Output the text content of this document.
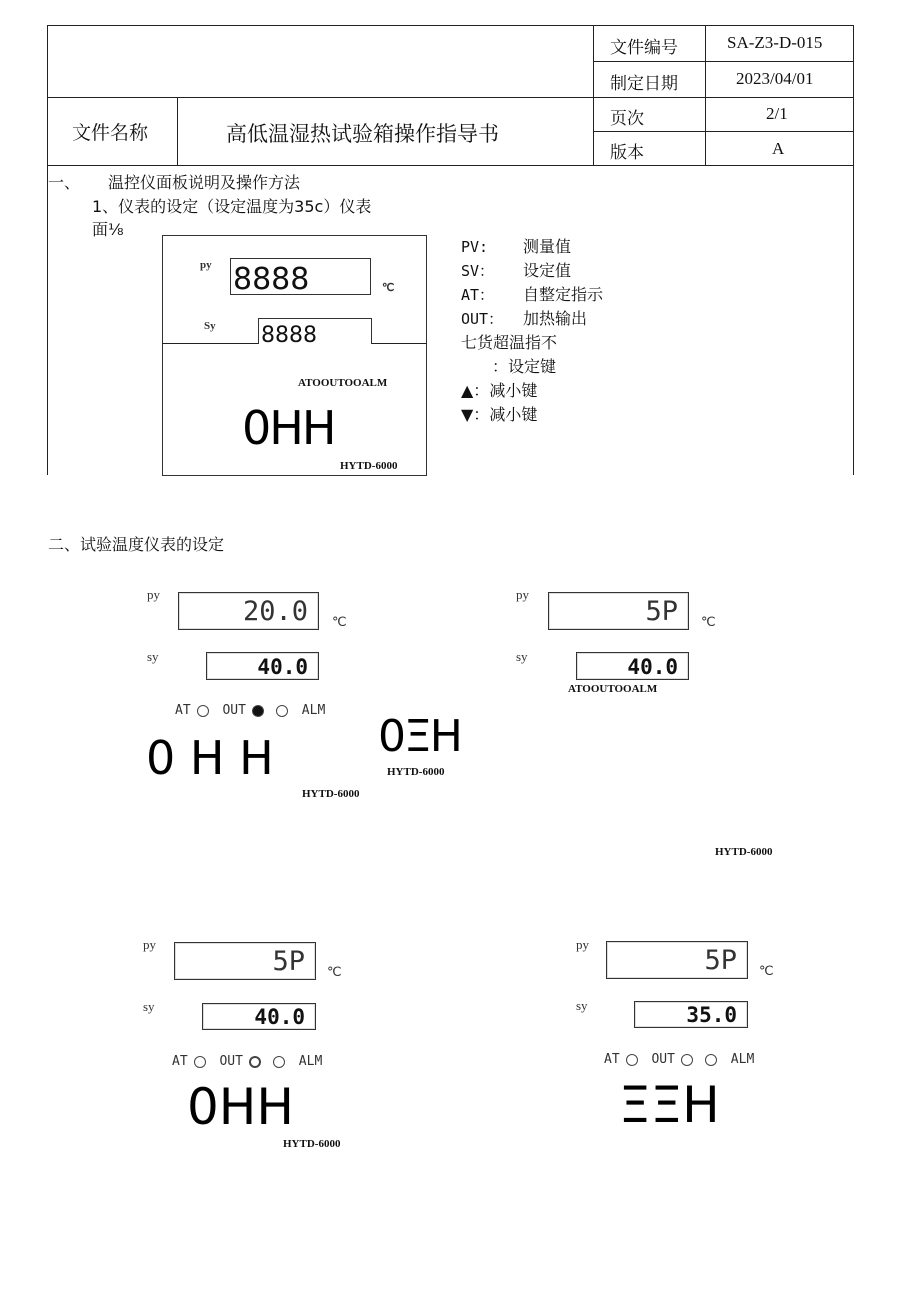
文件编号	SA-Z3-D-015
制定日期	2023/04/01
文件名称	高低温湿热试验箱操作指导书
页次	2/1
版本	A
一、 温控仪面板说明及操作方法
1、仪表的设定（设定温度为35c）仪表
面⅛
py 8888	℃
Sy 8888
ATOOUTOOALM
0HH
HYTD-6000
PV: 测量值
SV： 设定值
AT： 自整定指示
OUT： 加热输出
七货超温指不
：设定键
▲：减小键
▼：减小键
二、试验温度仪表的设定
py
20.0 ℃
sy	40.0
AT OUT	ALM
0 H H
HYTD-6000
py
5P ℃
sy	40.0
ATOOUTOOALM
0ΞH
HYTD-6000
HYTD-6000
py
5P ℃
sy	40.0
AT OUT	ALM
0HH
HYTD-6000
py
5P ℃
sy	35.0
AT OUT	ALM
ΞΞH
